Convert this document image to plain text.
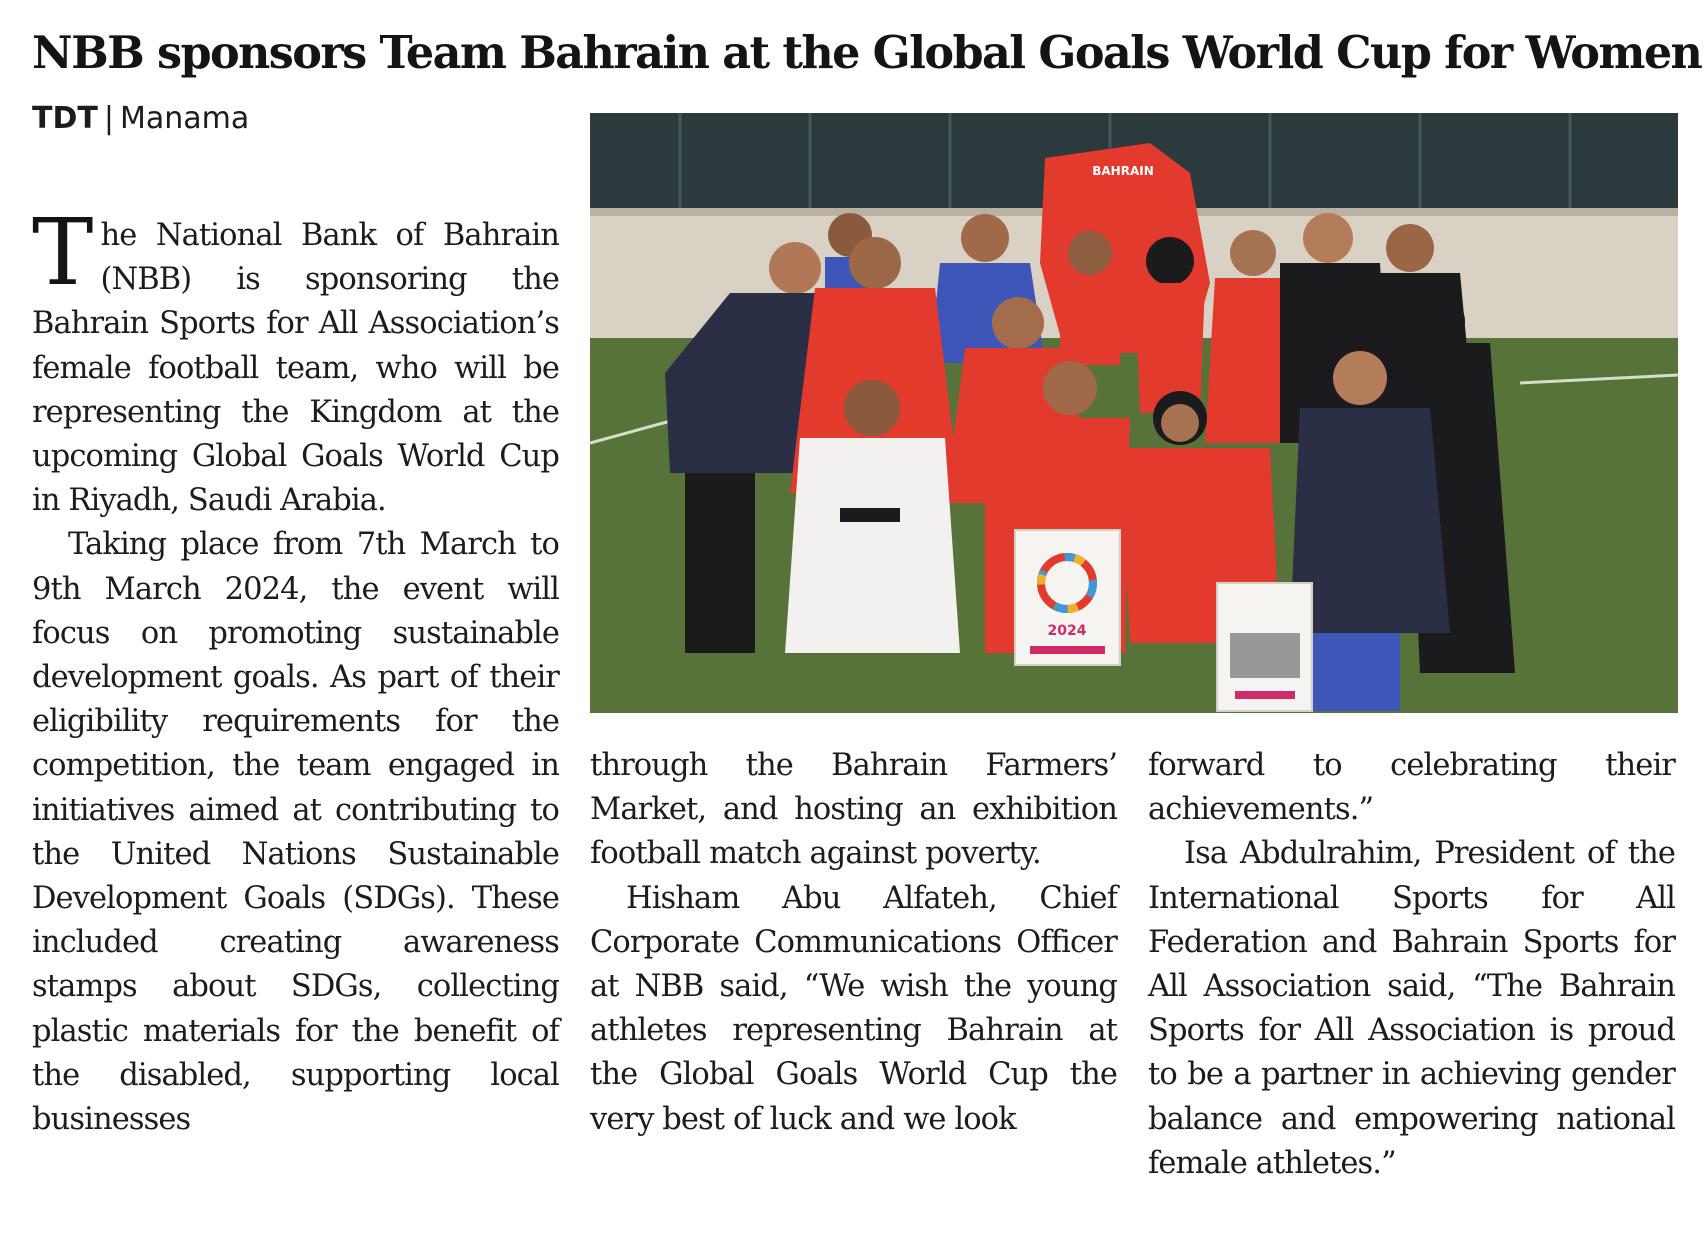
NBB sponsors Team Bahrain at the Global Goals World Cup for Women
TDT | Manama

The National Bank of Bahrain (NBB) is sponsoring the Bahrain Sports for All Association’s female football team, who will be representing the Kingdom at the upcoming Global Goals World Cup in Riyadh, Saudi Arabia.

Taking place from 7th March to 9th March 2024, the event will focus on promoting sustainable development goals. As part of their eligibility requirements for the competition, the team engaged in initiatives aimed at contributing to the United Nations Sustainable Development Goals (SDGs). These included creating awareness stamps about SDGs, collecting plastic materials for the benefit of the disabled, supporting local businesses

BAHRAIN
2024

through the Bahrain Farmers’ Market, and hosting an exhibition football match against poverty.

Hisham Abu Alfateh, Chief Corporate Communications Officer at NBB said, “We wish the young athletes representing Bahrain at the Global Goals World Cup the very best of luck and we look

forward to celebrating their achievements.”

Isa Abdulrahim, President of the International Sports for All Federation and Bahrain Sports for All Association said, “The Bahrain Sports for All Association is proud to be a partner in achieving gender balance and empowering national female athletes.”
